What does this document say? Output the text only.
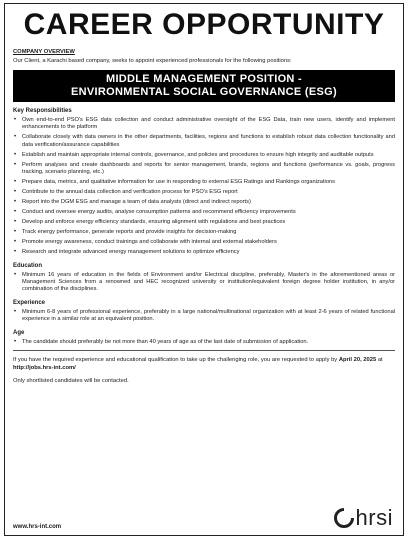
CAREER OPPORTUNITY
COMPANY OVERVIEW
Our Client, a Karachi based company, seeks to appoint experienced professionals for the following positions:
MIDDLE MANAGEMENT POSITION -
ENVIRONMENTAL SOCIAL GOVERNANCE (ESG)
Key Responsibilities
• Own end-to-end PSO's ESG data collection and conduct administrative oversight of the ESG Data, train new users, identify and implement enhancements to the platform
• Collaborate closely with data owners in the other departments, facilities, regions and functions to establish robust data collection functionality and data verification/assurance capabilities
• Establish and maintain appropriate internal controls, governance, and policies and procedures to ensure high integrity and auditable outputs
• Perform analyses and create dashboards and reports for senior management, brands, regions and functions (performance vs. goals, progress tracking, scenario planning, etc.)
• Prepare data, metrics, and qualitative information for use in responding to external ESG Ratings and Rankings organizations
• Contribute to the annual data collection and verification process for PSO's ESG report
• Report into the DGM ESG and manage a team of data analysts (direct and indirect reports)
• Conduct and oversee energy audits, analyse consumption patterns and recommend efficiency improvements
• Develop and enforce energy efficiency standards, ensuring alignment with regulations and best practices
• Track energy performance, generate reports and provide insights for decision-making
• Promote energy awareness, conduct trainings and collaborate with internal and external stakeholders
• Research and integrate advanced energy management solutions to optimize efficiency
Education
• Minimum 16 years of education in the fields of Environment and/or Electrical discipline, preferably, Master's in the aforementioned areas or Management Sciences from a renowned and HEC recognized university or institution/equivalent foreign degree holder institution, in any/or combination of the disciplines.
Experience
• Minimum 6-8 years of professional experience, preferably in a large national/multinational organization with at least 2-6 years of related functional experience in a similar role at an equivalent position.
Age
• The candidate should preferably be not more than 40 years of age as of the last date of submission of application.
If you have the required experience and educational qualification to take up the challenging role, you are requested to apply by April 20, 2025 at http://jobs.hrs-int.com/
Only shortlisted candidates will be contacted.
www.hrs-int.com	hrsi
